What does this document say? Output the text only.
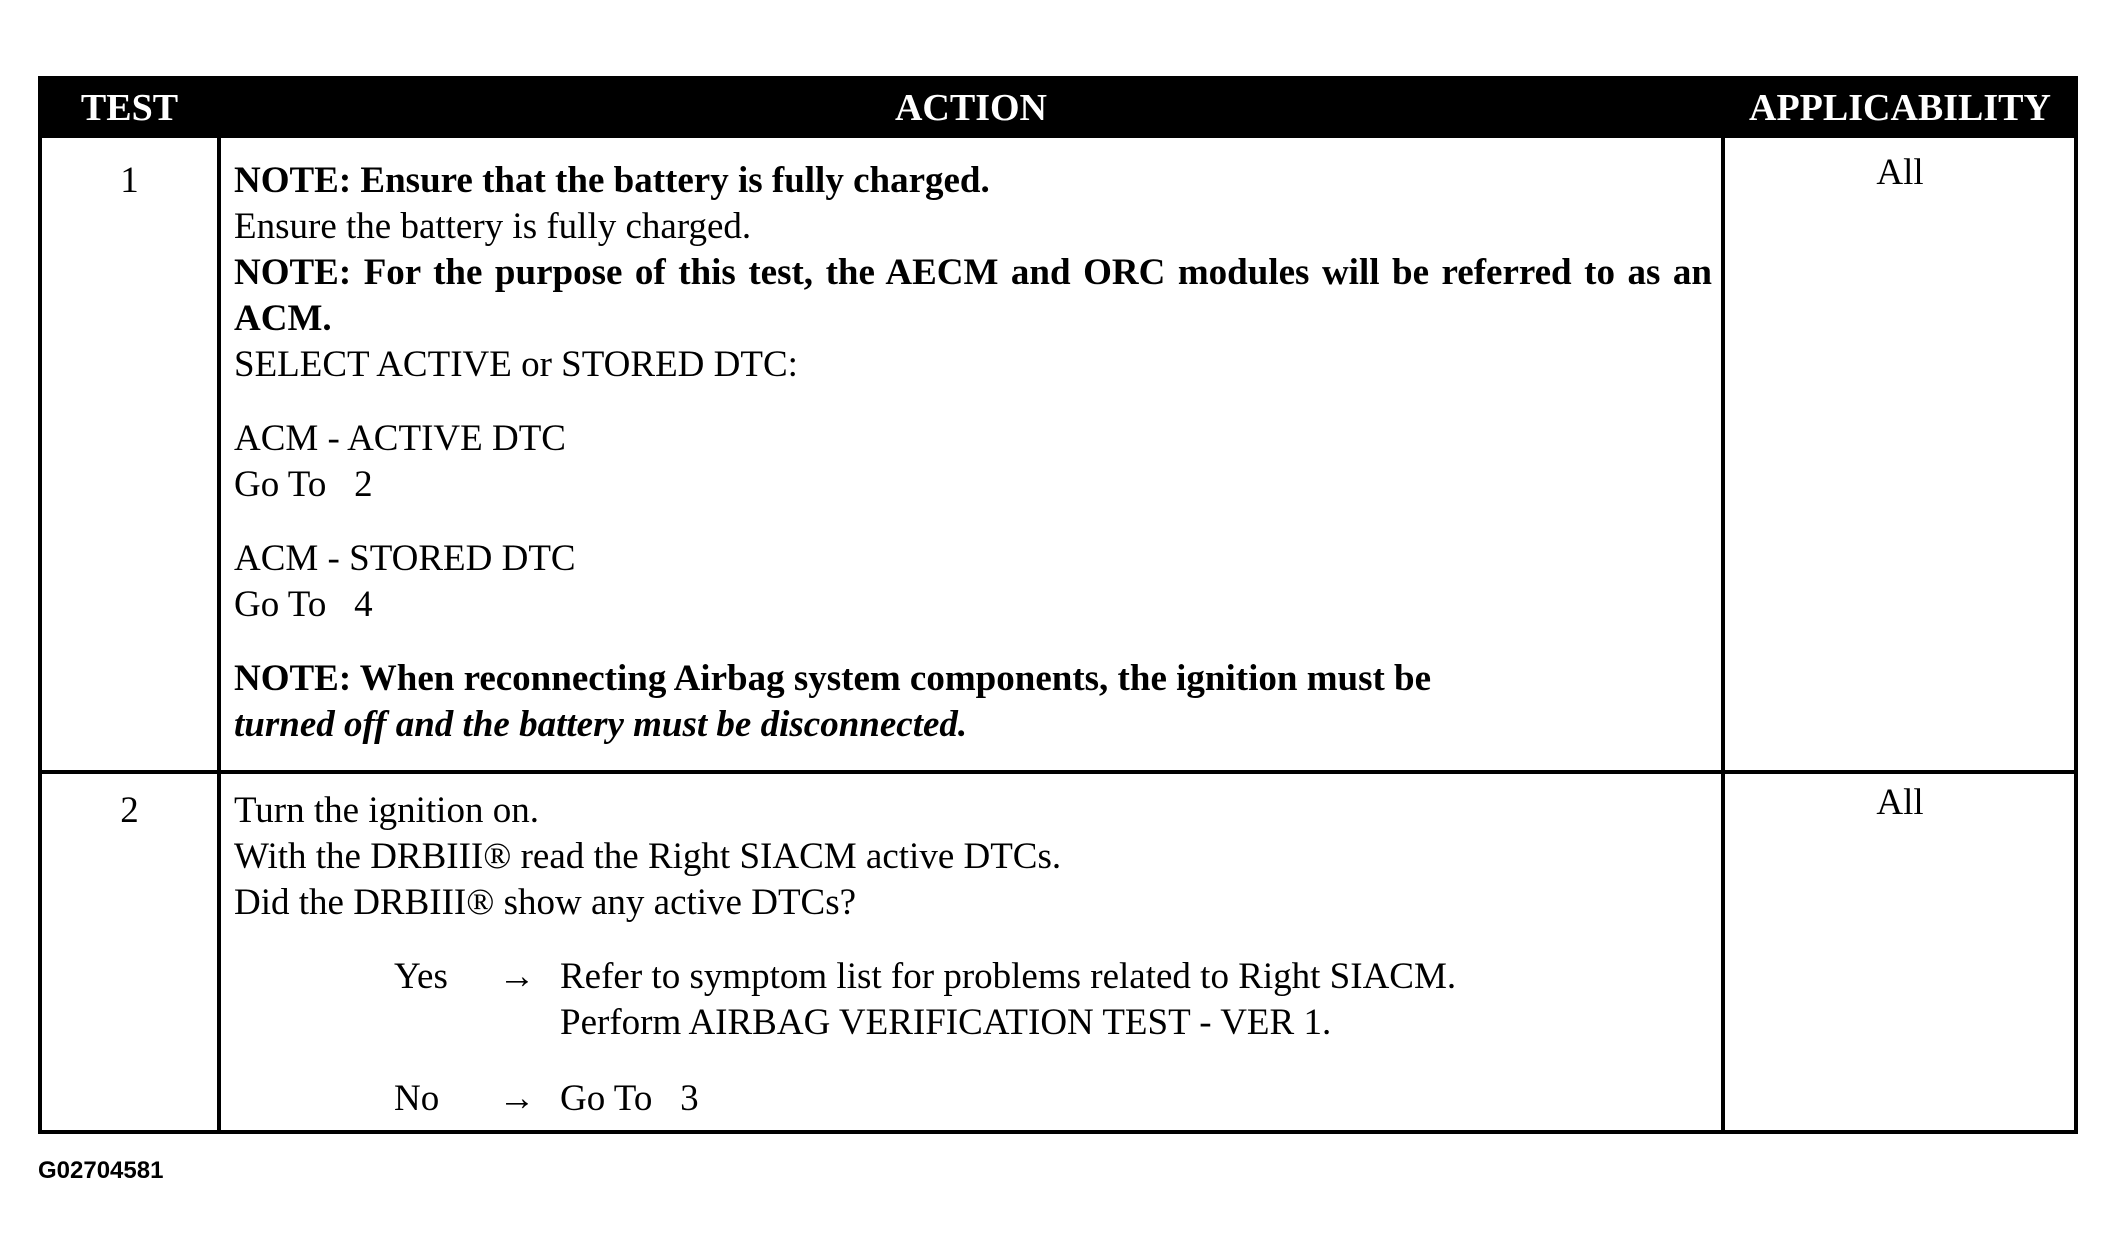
TEST	ACTION	APPLICABILITY
1	NOTE: Ensure that the battery is fully charged.

Ensure the battery is fully charged.

NOTE: For the purpose of this test, the AECM and ORC modules will be referred to as an ACM.

SELECT ACTIVE or STORED DTC:

ACM - ACTIVE DTC

Go To   2

ACM - STORED DTC

Go To   4

NOTE: When reconnecting Airbag system components, the ignition must be

turned off and the battery must be disconnected.

All
2	Turn the ignition on.

With the DRBIII® read the Right SIACM active DTCs.

Did the DRBIII® show any active DTCs?

Yes	→ Refer to symptom list for problems related to Right SIACM.

Perform AIRBAG VERIFICATION TEST - VER 1.

No	→ Go To   3
All
G02704581
